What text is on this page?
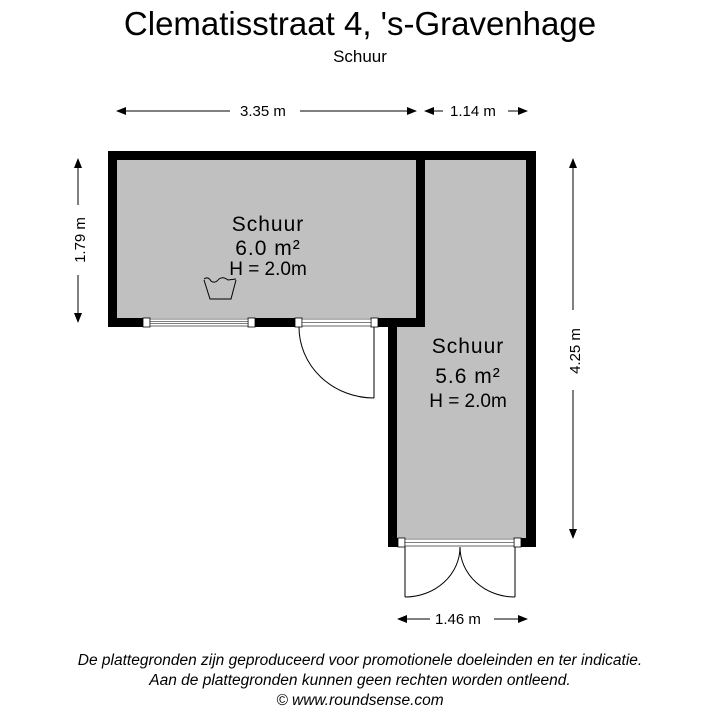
Clematisstraat 4, 's-Gravenhage
Schuur
3.35 m	1.14 m
1.79 m
4.25 m
1.46 m
Schuur
6.0 m²
H = 2.0m
Schuur
5.6 m²
H = 2.0m
De plattegronden zijn geproduceerd voor promotionele doeleinden en ter indicatie.
Aan de plattegronden kunnen geen rechten worden ontleend.
© www.roundsense.com
